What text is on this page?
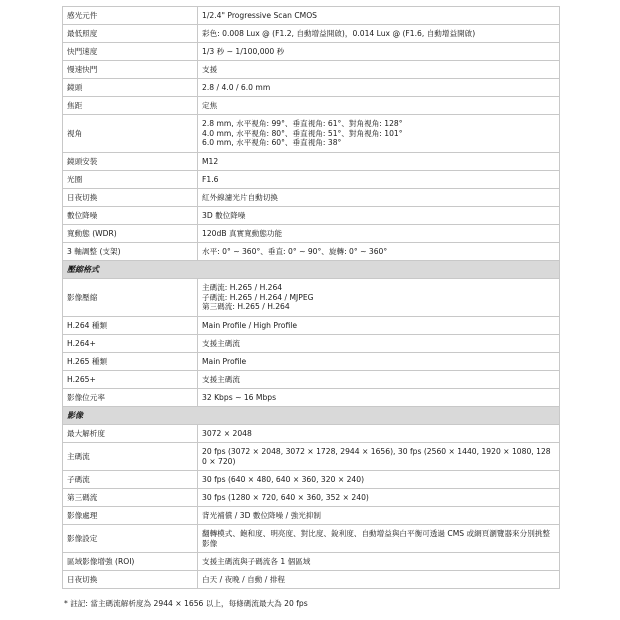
感光元件	1/2.4" Progressive Scan CMOS

最低照度	彩色: 0.008 Lux @ (F1.2, 自動增益開啟)，0.014 Lux @ (F1.6, 自動增益開啟)

快門速度	1/3 秒 ~ 1/100,000 秒

慢速快門	支援

鏡頭	2.8 / 4.0 / 6.0 mm

焦距	定焦

視角	2.8 mm, 水平視角: 99°、垂直視角: 61°、對角視角: 128°
4.0 mm, 水平視角: 80°、垂直視角: 51°、對角視角: 101°
6.0 mm, 水平視角: 60°、垂直視角: 38°

鏡頭安裝	M12

光圈	F1.6

日夜切換	紅外線濾光片自動切換

數位降噪	3D 數位降噪

寬動態 (WDR)	120dB 真實寬動態功能

3 軸調整 (支架)	水平: 0° ~ 360°、垂直: 0° ~ 90°、旋轉: 0° ~ 360°

壓縮格式	
影像壓縮	主碼流: H.265 / H.264
子碼流: H.265 / H.264 / MJPEG
第三碼流: H.265 / H.264

H.264 種類	Main Profile / High Profile

H.264+	支援主碼流

H.265 種類	Main Profile

H.265+	支援主碼流

影像位元率	32 Kbps ~ 16 Mbps

影像	
最大解析度	3072 × 2048

主碼流	20 fps (3072 × 2048, 3072 × 1728, 2944 × 1656), 30 fps (2560 × 1440, 1920 × 1080, 1280 × 720)

子碼流	30 fps (640 × 480, 640 × 360, 320 × 240)

第三碼流	30 fps (1280 × 720, 640 × 360, 352 × 240)

影像處理	背光補償 / 3D 數位降噪 / 強光抑制

影像設定	翻轉模式、飽和度、明亮度、對比度、銳利度、自動增益與白平衡可透過 CMS 或網頁瀏覽器來分別挑整影像

區域影像增強 (ROI)	支援主碼流與子碼流各 1 個區域

日夜切換	白天 / 夜晚 / 自動 / 排程
* 註記: 當主碼流解析度為 2944 × 1656 以上，每條碼流最大為 20 fps
